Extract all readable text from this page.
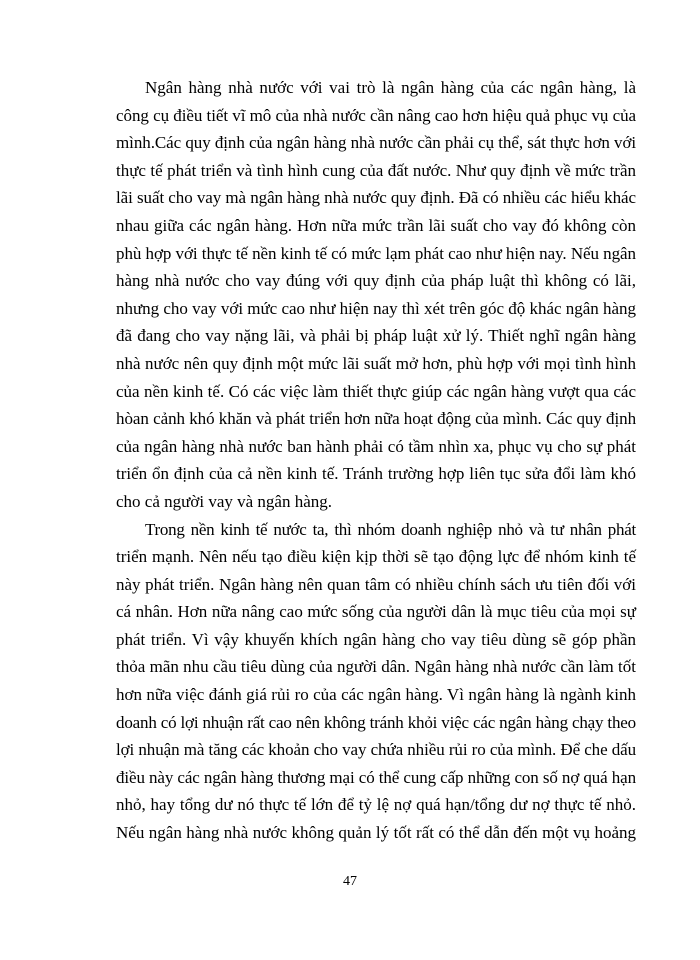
Ngân hàng nhà nước với vai trò là ngân hàng của các ngân hàng, là
công cụ điều tiết vĩ mô của nhà nước cần nâng cao hơn hiệu quả phục vụ của
mình.Các quy định của ngân hàng nhà nước cần phải cụ thể, sát thực hơn với
thực tế phát triển và tình hình cung của đất nước. Như quy định về mức trần
lãi suất cho vay mà ngân hàng nhà nước quy định. Đã có nhiều các hiểu khác
nhau giữa các ngân hàng. Hơn nữa mức trần lãi suất cho vay đó không còn
phù hợp với thực tế nền kinh tế có mức lạm phát cao như hiện nay. Nếu ngân
hàng nhà nước cho vay đúng với quy định của pháp luật thì không có lãi,
nhưng cho vay với mức cao như hiện nay thì xét trên góc độ khác ngân hàng
đã đang cho vay nặng lãi, và phải bị pháp luật xử lý. Thiết nghĩ ngân hàng
nhà nước nên quy định một mức lãi suất mở hơn, phù hợp với mọi tình hình
của nền kinh tế. Có các việc làm thiết thực giúp các ngân hàng vượt qua các
hòan cảnh khó khăn và phát triển hơn nữa hoạt động của mình. Các quy định
của ngân hàng nhà nước ban hành phải có tầm nhìn xa, phục vụ cho sự phát
triển ổn định của cả nền kinh tế. Tránh trường hợp liên tục sửa đổi làm khó
cho cả người vay và ngân hàng.

Trong nền kinh tế nước ta, thì nhóm doanh nghiệp nhỏ và tư nhân phát
triển mạnh. Nên nếu tạo điều kiện kịp thời sẽ tạo động lực để nhóm kinh tế
này phát triển. Ngân hàng nên quan tâm có nhiều chính sách ưu tiên đối với
cá nhân. Hơn nữa nâng cao mức sống của người dân là mục tiêu của mọi sự
phát triển. Vì vậy khuyến khích ngân hàng cho vay tiêu dùng sẽ góp phần
thỏa mãn nhu cầu tiêu dùng của người dân. Ngân hàng nhà nước cần làm tốt
hơn nữa việc đánh giá rủi ro của các ngân hàng. Vì ngân hàng là ngành kinh
doanh có lợi nhuận rất cao nên không tránh khỏi việc các ngân hàng chạy theo
lợi nhuận mà tăng các khoản cho vay chứa nhiều rủi ro của mình. Để che dấu
điều này các ngân hàng thương mại có thể cung cấp những con số nợ quá hạn
nhỏ, hay tổng dư nó thực tế lớn để tỷ lệ nợ quá hạn/tổng dư nợ thực tế nhỏ.
Nếu ngân hàng nhà nước không quản lý tốt rất có thể dẫn đến một vụ hoảng

47
